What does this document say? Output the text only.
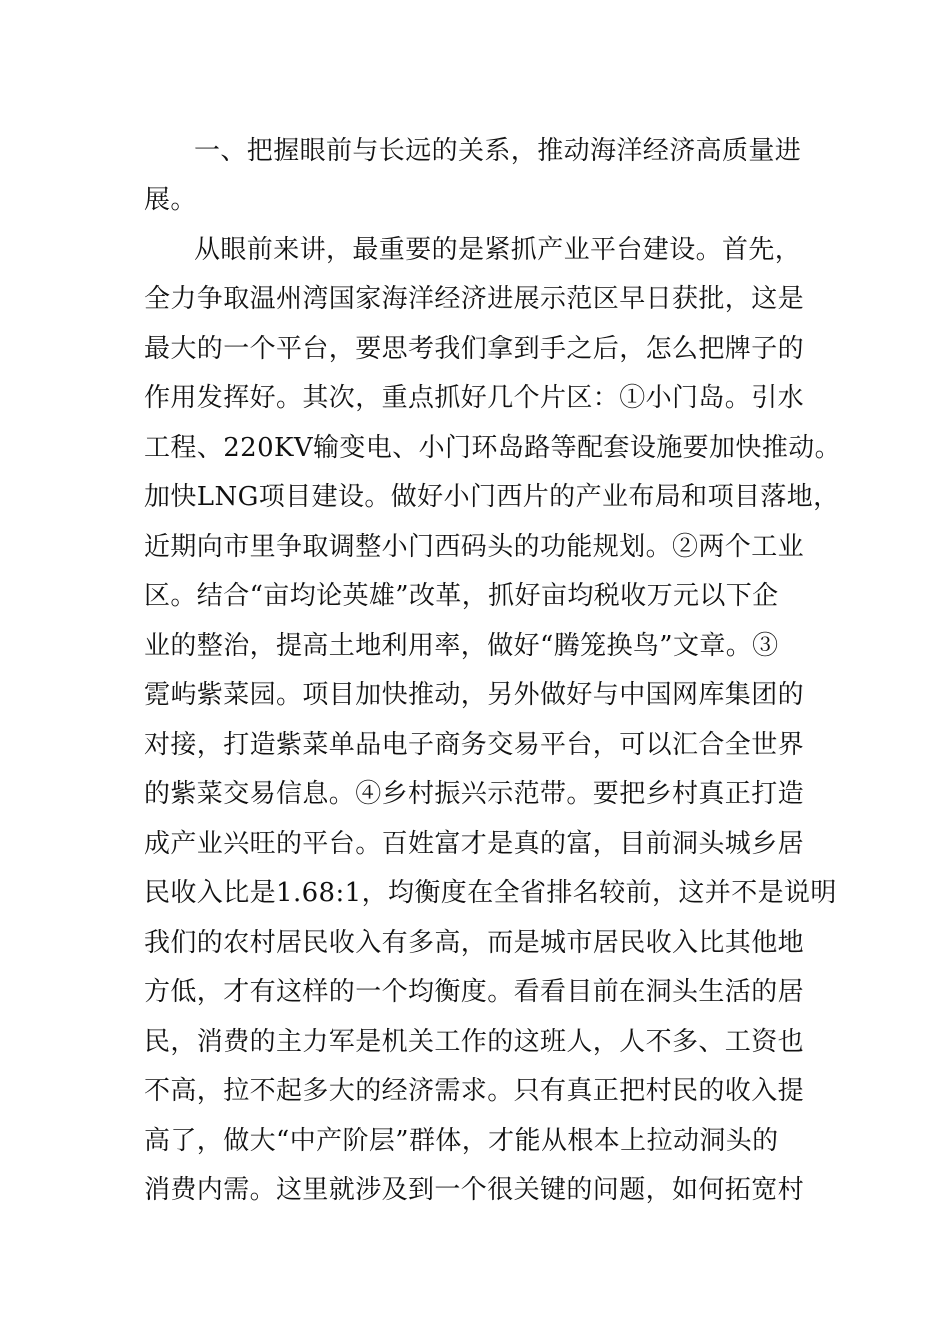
一、把握眼前与长远的关系，推动海洋经济高质量进
展。
从眼前来讲，最重要的是紧抓产业平台建设。首先，
全力争取温州湾国家海洋经济进展示范区早日获批，这是
最大的一个平台，要思考我们拿到手之后，怎么把牌子的
作用发挥好。其次，重点抓好几个片区：①小门岛。引水
工程、220KV输变电、小门环岛路等配套设施要加快推动。
加快LNG项目建设。做好小门西片的产业布局和项目落地，
近期向市里争取调整小门西码头的功能规划。②两个工业
区。结合“亩均论英雄”改革，抓好亩均税收万元以下企
业的整治，提高土地利用率，做好“腾笼换鸟”文章。③
霓屿紫菜园。项目加快推动，另外做好与中国网库集团的
对接，打造紫菜单品电子商务交易平台，可以汇合全世界
的紫菜交易信息。④乡村振兴示范带。要把乡村真正打造
成产业兴旺的平台。百姓富才是真的富，目前洞头城乡居
民收入比是1.68:1，均衡度在全省排名较前，这并不是说明
我们的农村居民收入有多高，而是城市居民收入比其他地
方低，才有这样的一个均衡度。看看目前在洞头生活的居
民，消费的主力军是机关工作的这班人，人不多、工资也
不高，拉不起多大的经济需求。只有真正把村民的收入提
高了，做大“中产阶层”群体，才能从根本上拉动洞头的
消费内需。这里就涉及到一个很关键的问题，如何拓宽村
